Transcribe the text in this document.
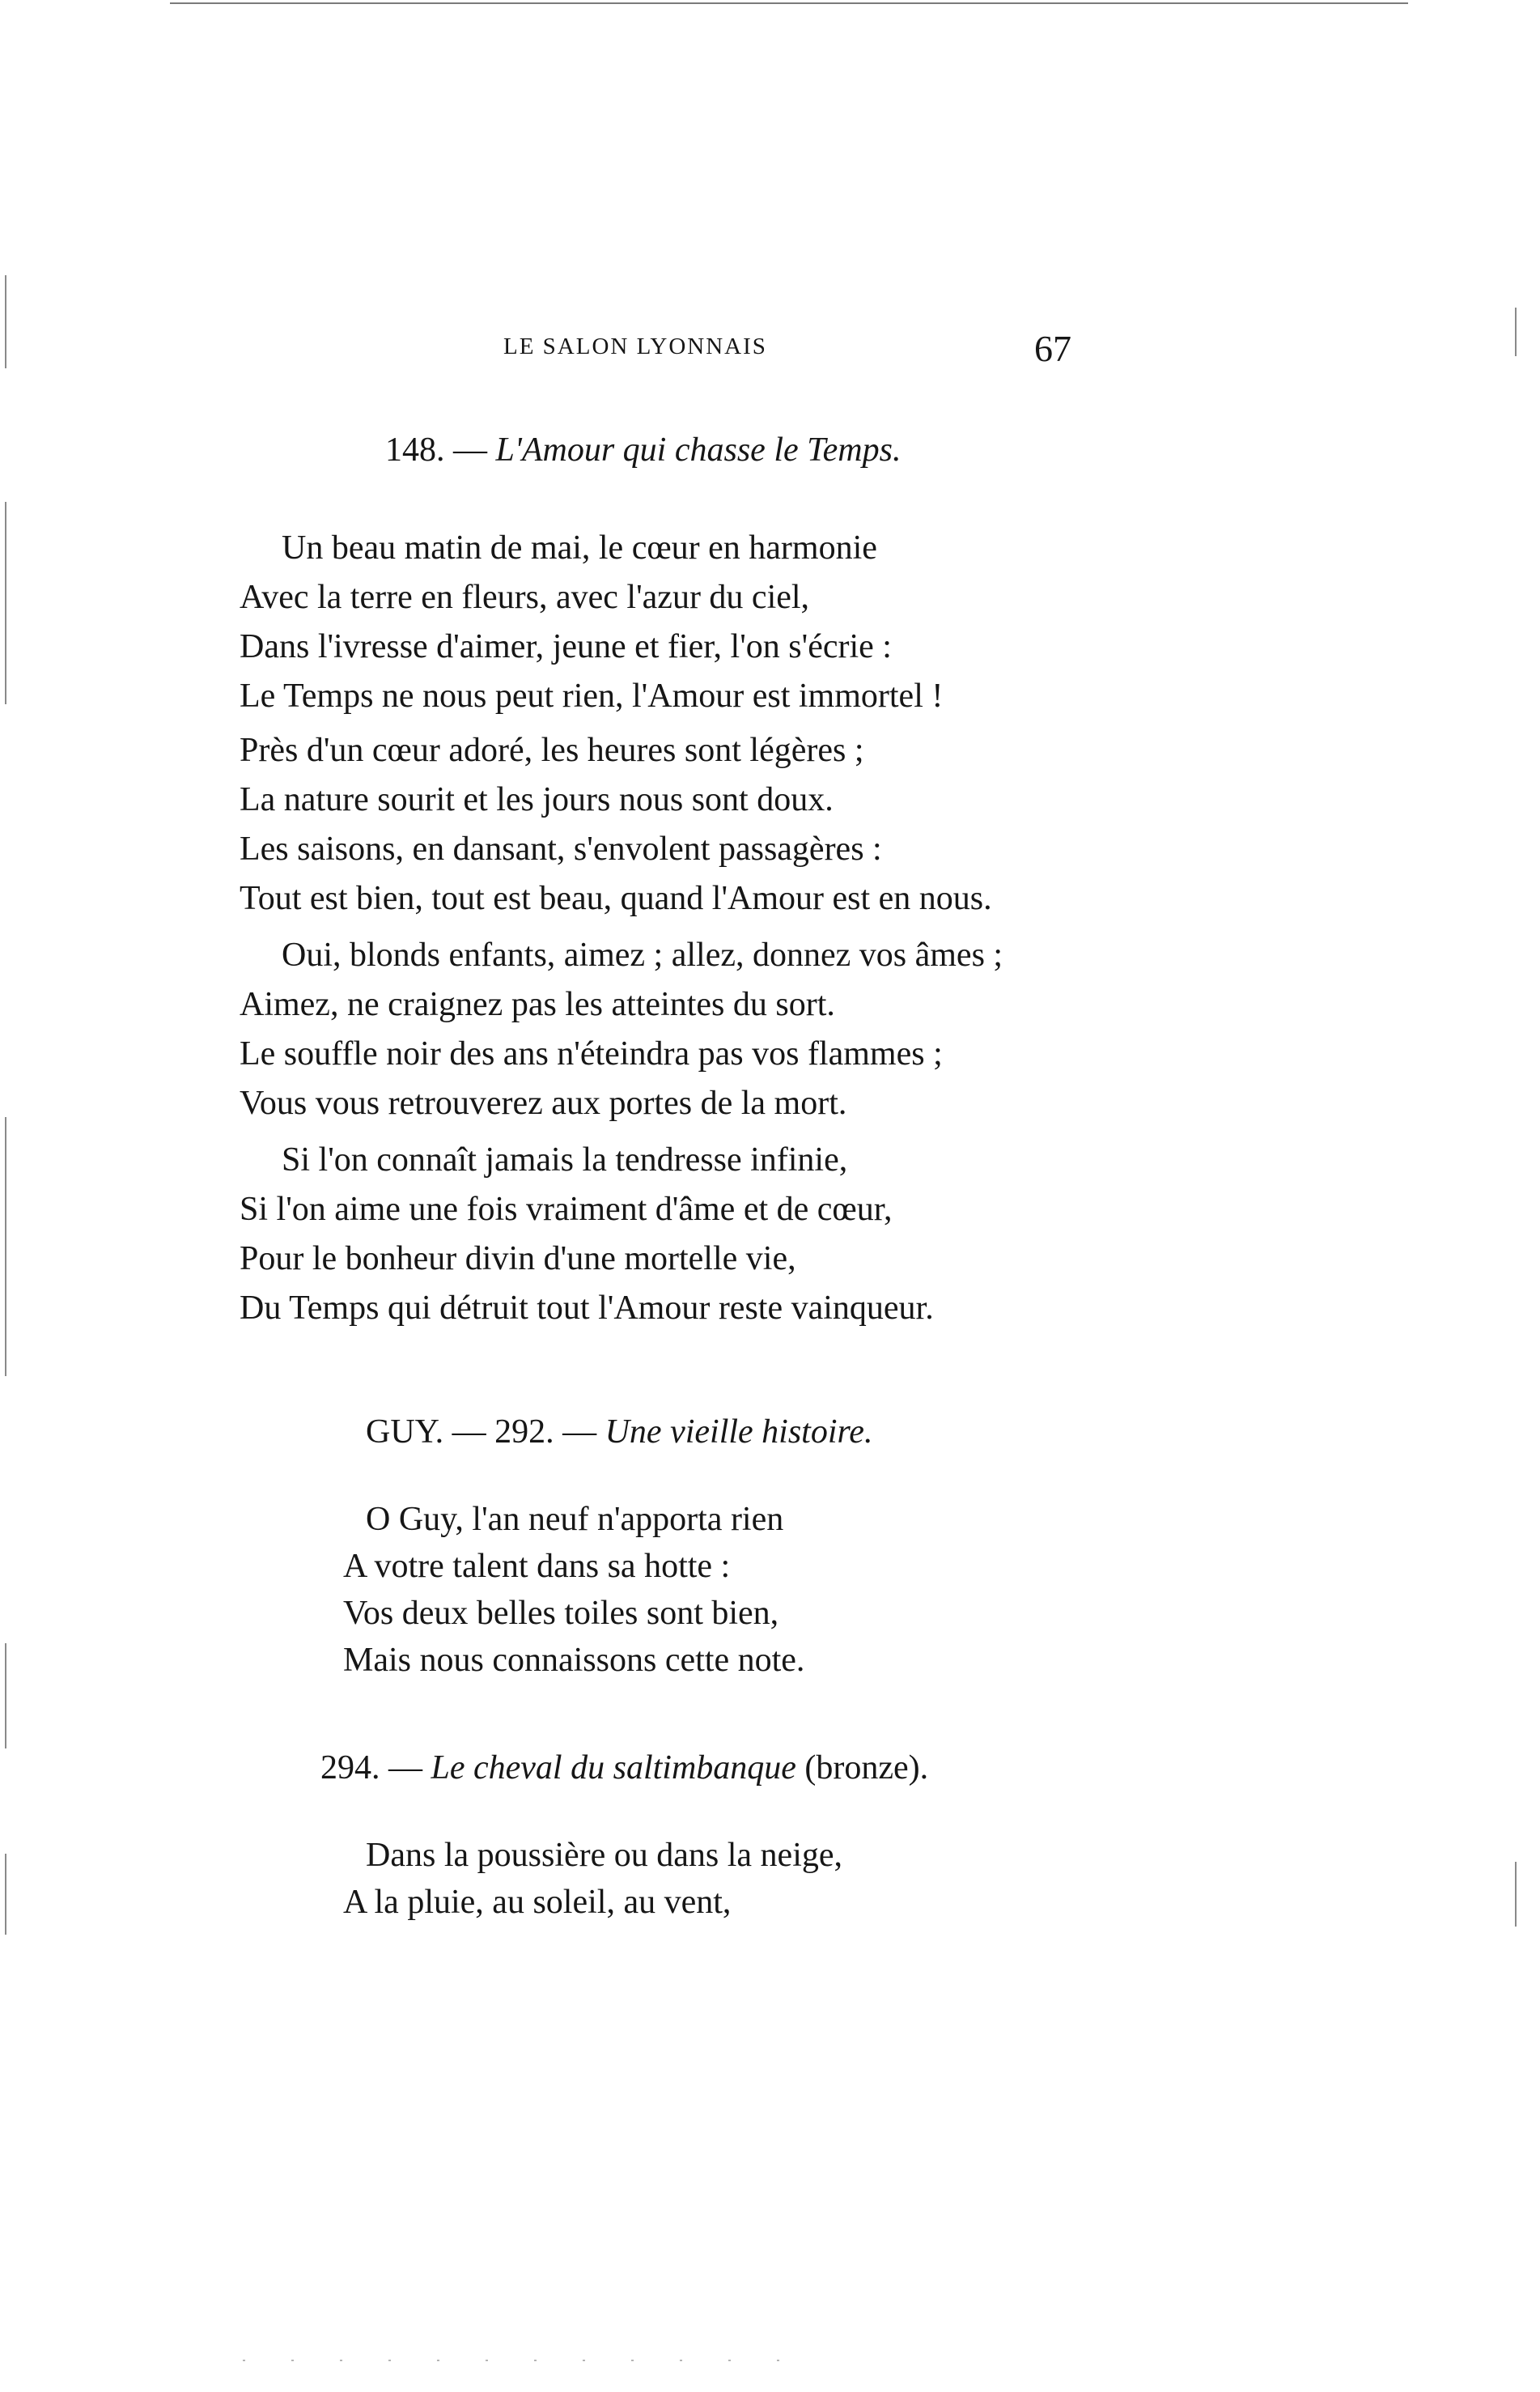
LE SALON LYONNAIS	67
148. — L'Amour qui chasse le Temps.
Un beau matin de mai, le cœur en harmonie
Avec la terre en fleurs, avec l'azur du ciel,
Dans l'ivresse d'aimer, jeune et fier, l'on s'écrie :
Le Temps ne nous peut rien, l'Amour est immortel !
Près d'un cœur adoré, les heures sont légères ;
La nature sourit et les jours nous sont doux.
Les saisons, en dansant, s'envolent passagères :
Tout est bien, tout est beau, quand l'Amour est en nous.
Oui, blonds enfants, aimez ; allez, donnez vos âmes ;
Aimez, ne craignez pas les atteintes du sort.
Le souffle noir des ans n'éteindra pas vos flammes ;
Vous vous retrouverez aux portes de la mort.
Si l'on connaît jamais la tendresse infinie,
Si l'on aime une fois vraiment d'âme et de cœur,
Pour le bonheur divin d'une mortelle vie,
Du Temps qui détruit tout l'Amour reste vainqueur.
GUY. — 292. — Une vieille histoire.
O Guy, l'an neuf n'apporta rien
A votre talent dans sa hotte :
Vos deux belles toiles sont bien,
Mais nous connaissons cette note.
294. — Le cheval du saltimbanque (bronze).
Dans la poussière ou dans la neige,
A la pluie, au soleil, au vent,
